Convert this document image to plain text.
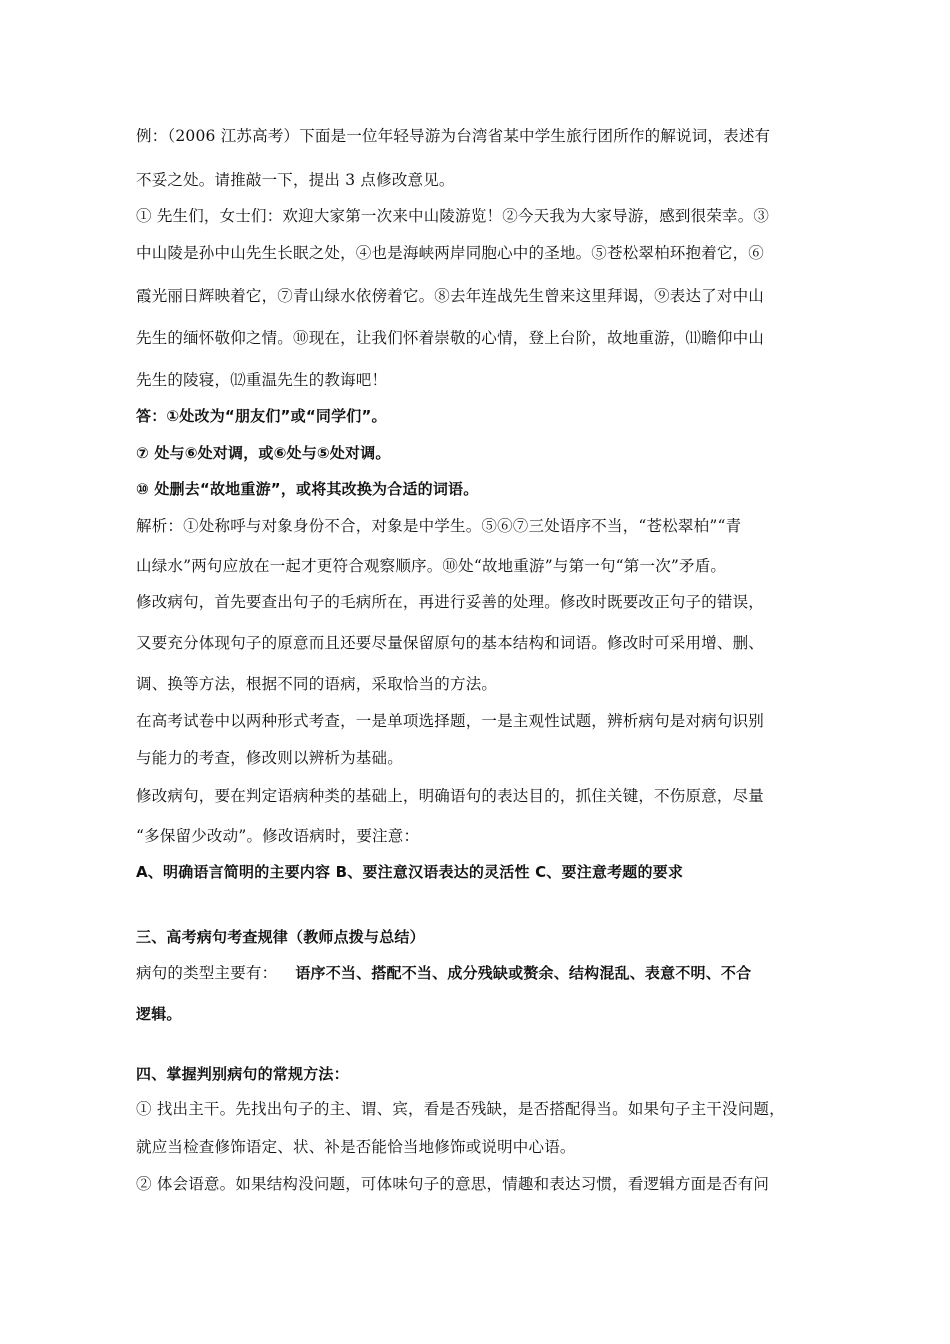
例：（2006 江苏高考）下面是一位年轻导游为台湾省某中学生旅行团所作的解说词，表述有
不妥之处。请推敲一下，提出 3 点修改意见。
① 先生们，女士们：欢迎大家第一次来中山陵游览！②今天我为大家导游，感到很荣幸。③
中山陵是孙中山先生长眠之处，④也是海峡两岸同胞心中的圣地。⑤苍松翠柏环抱着它，⑥
霞光丽日辉映着它，⑦青山绿水依傍着它。⑧去年连战先生曾来这里拜谒，⑨表达了对中山
先生的缅怀敬仰之情。⑩现在，让我们怀着崇敬的心情，登上台阶，故地重游，⑾瞻仰中山
先生的陵寝，⑿重温先生的教诲吧！
答：①处改为“朋友们”或“同学们”。
⑦ 处与⑥处对调，或⑥处与⑤处对调。
⑩ 处删去“故地重游”，或将其改换为合适的词语。
解析：①处称呼与对象身份不合，对象是中学生。⑤⑥⑦三处语序不当，“苍松翠柏”“青
山绿水”两句应放在一起才更符合观察顺序。⑩处“故地重游”与第一句“第一次”矛盾。
修改病句，首先要查出句子的毛病所在，再进行妥善的处理。修改时既要改正句子的错误，
又要充分体现句子的原意而且还要尽量保留原句的基本结构和词语。修改时可采用增、删、
调、换等方法，根据不同的语病，采取恰当的方法。
在高考试卷中以两种形式考查，一是单项选择题，一是主观性试题，辨析病句是对病句识别
与能力的考查，修改则以辨析为基础。
修改病句，要在判定语病种类的基础上，明确语句的表达目的，抓住关键，不伤原意，尽量
“多保留少改动”。修改语病时，要注意：
A、明确语言简明的主要内容 B、要注意汉语表达的灵活性 C、要注意考题的要求
三、高考病句考查规律（教师点拨与总结）
病句的类型主要有： 语序不当、搭配不当、成分残缺或赘余、结构混乱、表意不明、不合
逻辑。
四、掌握判别病句的常规方法：
① 找出主干。先找出句子的主、谓、宾，看是否残缺，是否搭配得当。如果句子主干没问题，
就应当检查修饰语定、状、补是否能恰当地修饰或说明中心语。
② 体会语意。如果结构没问题，可体味句子的意思，情趣和表达习惯，看逻辑方面是否有问
